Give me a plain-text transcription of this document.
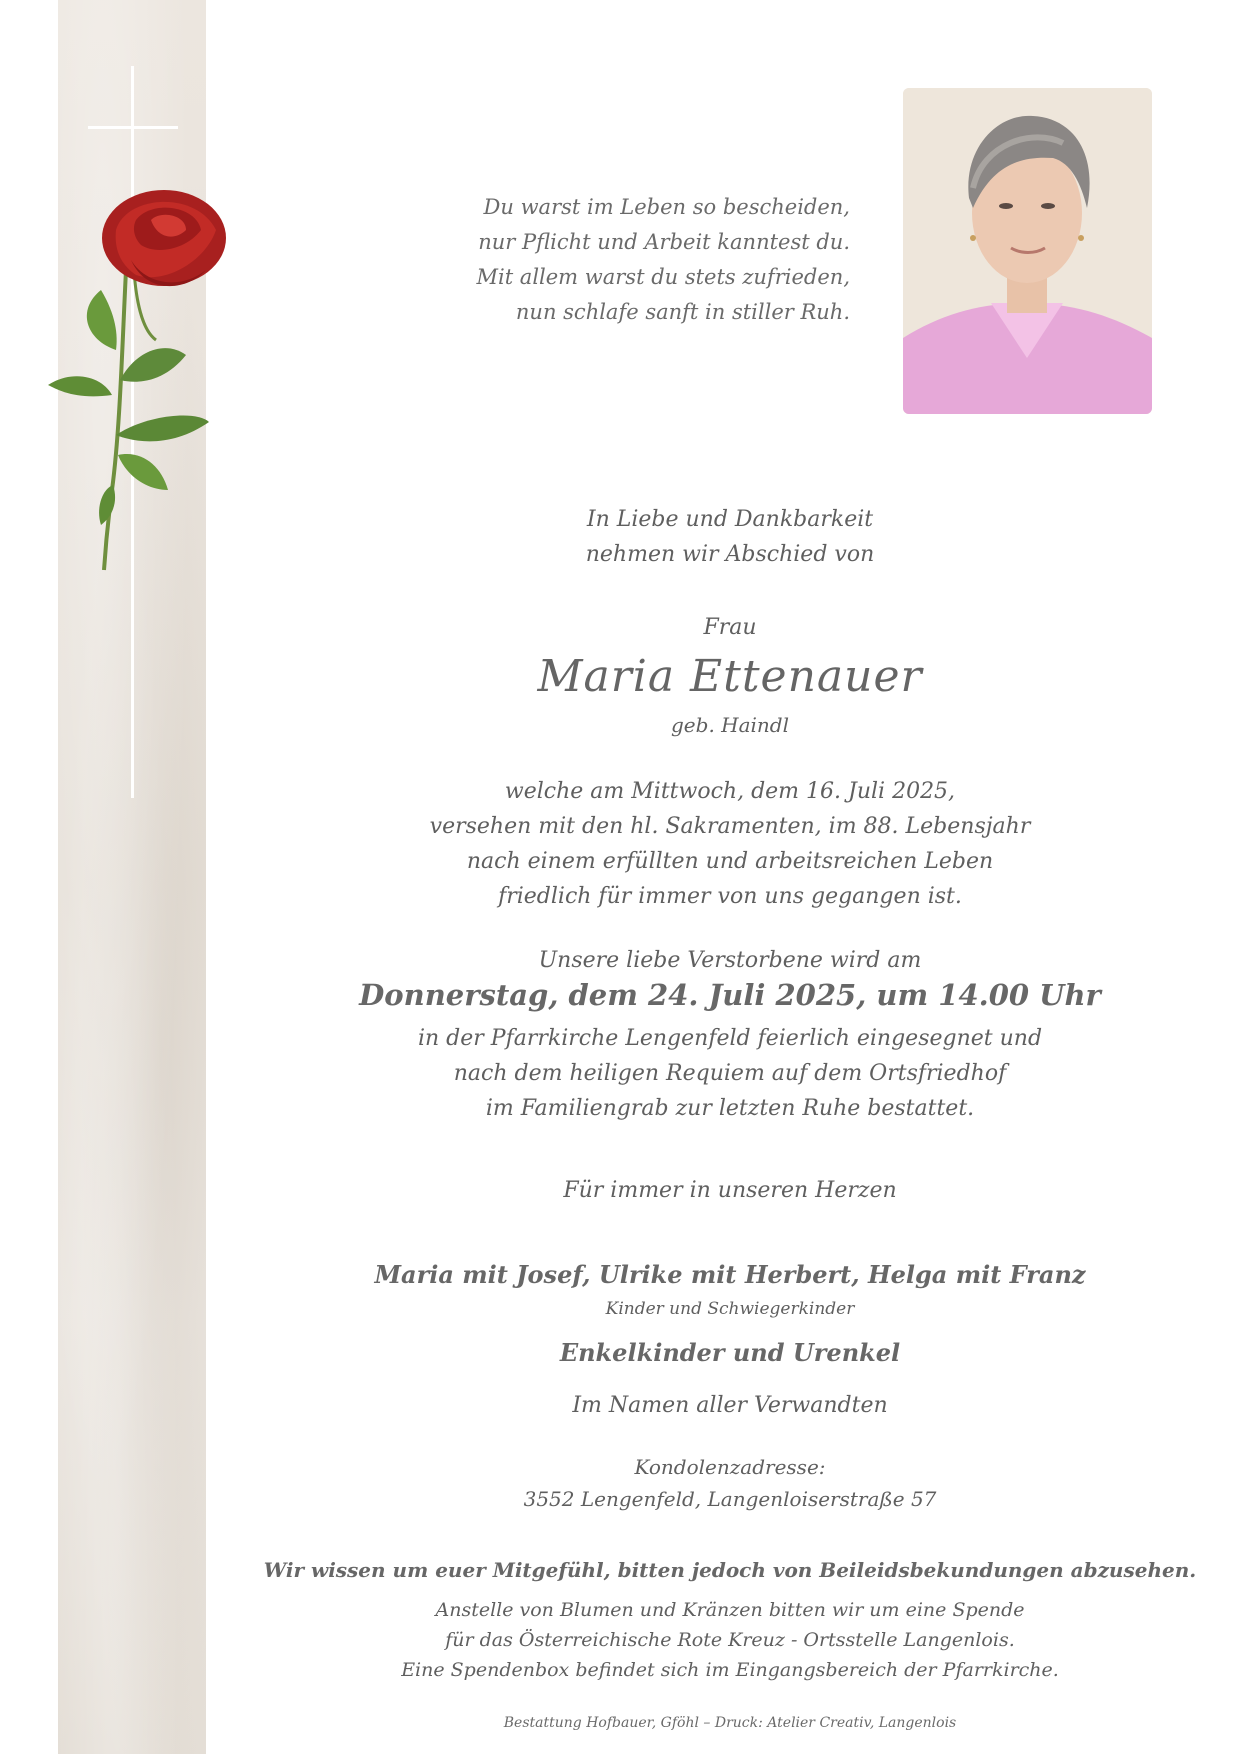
Du warst im Leben so bescheiden,
nur Pflicht und Arbeit kanntest du.
Mit allem warst du stets zufrieden,
nun schlafe sanft in stiller Ruh.
In Liebe und Dankbarkeit
nehmen wir Abschied von
Frau
Maria Ettenauer
geb. Haindl
welche am Mittwoch, dem 16. Juli 2025,
versehen mit den hl. Sakramenten, im 88. Lebensjahr
nach einem erfüllten und arbeitsreichen Leben
friedlich für immer von uns gegangen ist.
Unsere liebe Verstorbene wird am
Donnerstag, dem 24. Juli 2025, um 14.00 Uhr
in der Pfarrkirche Lengenfeld feierlich eingesegnet und
nach dem heiligen Requiem auf dem Ortsfriedhof
im Familiengrab zur letzten Ruhe bestattet.
Für immer in unseren Herzen
Maria mit Josef, Ulrike mit Herbert, Helga mit Franz
Kinder und Schwiegerkinder
Enkelkinder und Urenkel
Im Namen aller Verwandten
Kondolenzadresse:
3552 Lengenfeld, Langenloiserstraße 57
Wir wissen um euer Mitgefühl, bitten jedoch von Beileidsbekundungen abzusehen.
Anstelle von Blumen und Kränzen bitten wir um eine Spende
für das Österreichische Rote Kreuz - Ortsstelle Langenlois.
Eine Spendenbox befindet sich im Eingangsbereich der Pfarrkirche.
Bestattung Hofbauer, Gföhl – Druck: Atelier Creativ, Langenlois
